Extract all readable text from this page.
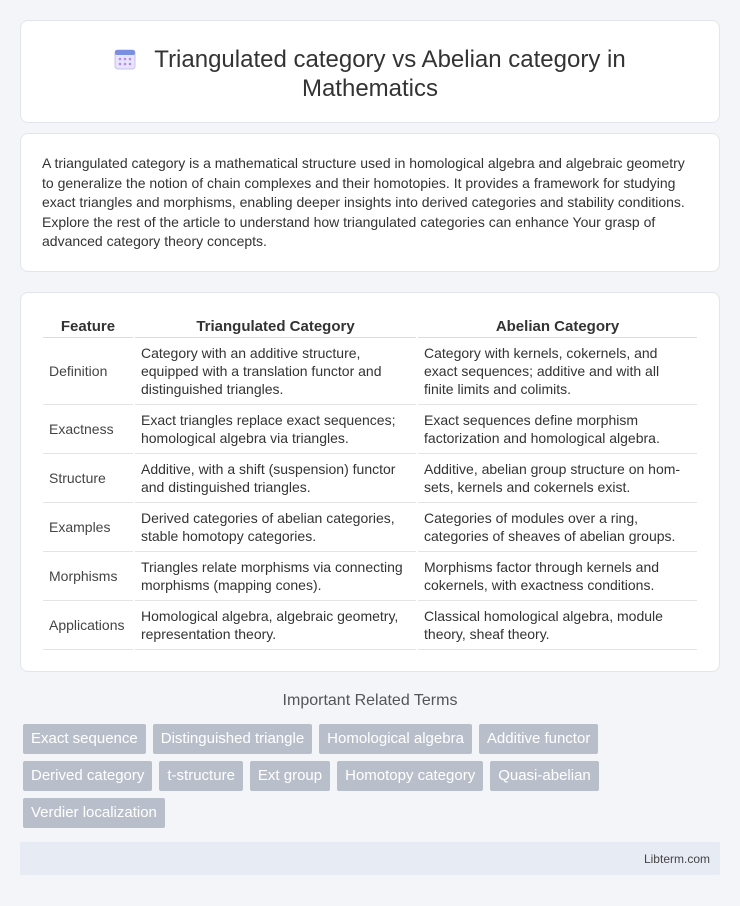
Triangulated category vs Abelian category in Mathematics

A triangulated category is a mathematical structure used in homological algebra and algebraic geometry to generalize the notion of chain complexes and their homotopies. It provides a framework for studying exact triangles and morphisms, enabling deeper insights into derived categories and stability conditions. Explore the rest of the article to understand how triangulated categories can enhance Your grasp of advanced category theory concepts.

Feature	Triangulated Category	Abelian Category
Definition	Category with an additive structure, equipped with a translation functor and distinguished triangles.	Category with kernels, cokernels, and exact sequences; additive and with all finite limits and colimits.
Exactness	Exact triangles replace exact sequences; homological algebra via triangles.	Exact sequences define morphism factorization and homological algebra.
Structure	Additive, with a shift (suspension) functor and distinguished triangles.	Additive, abelian group structure on hom-sets, kernels and cokernels exist.
Examples	Derived categories of abelian categories, stable homotopy categories.	Categories of modules over a ring, categories of sheaves of abelian groups.
Morphisms	Triangles relate morphisms via connecting morphisms (mapping cones).	Morphisms factor through kernels and cokernels, with exactness conditions.
Applications	Homological algebra, algebraic geometry, representation theory.	Classical homological algebra, module theory, sheaf theory.
Important Related Terms
Exact sequence	Distinguished triangle	Homological algebra	Additive functor
Derived category	t-structure	Ext group	Homotopy category	Quasi-abelian
Verdier localization
Libterm.com
